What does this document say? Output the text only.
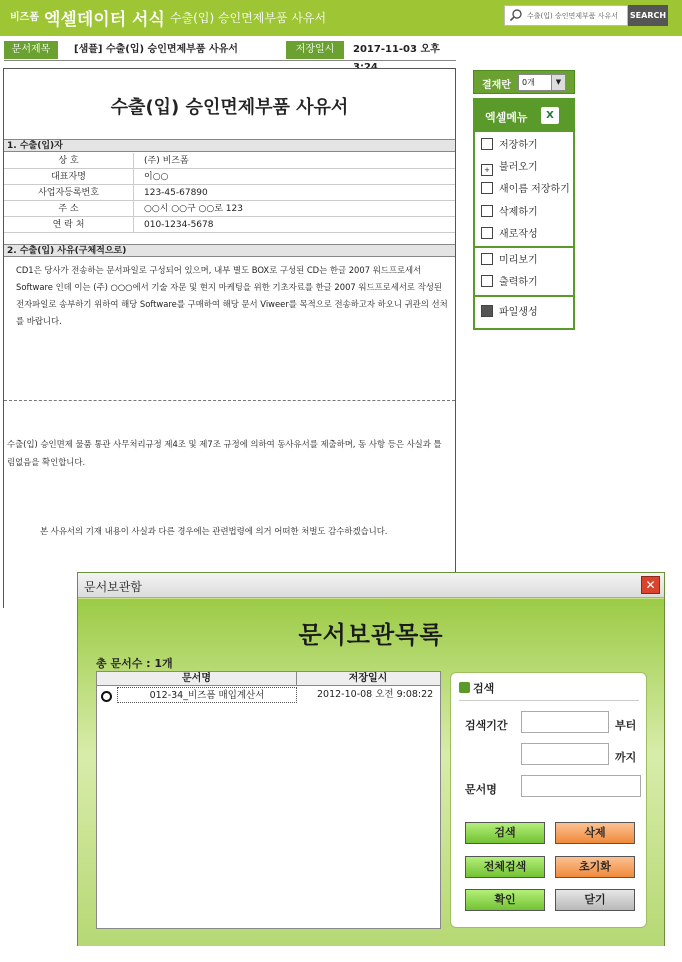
비즈폼 엑셀데이터 서식 수출(입) 승인면제부품 사유서
수출(입) 승인면제부품 사유서	SEARCH
문서제목	[샘플] 수출(입) 승인면제부품 사유서	저장일시	2017-11-03 오후
수출(입) 승인면제부품 사유서
1. 수출(입)자
상 호	(주) 비즈폼
대표자명	이○○
사업자등록번호	123-45-67890
주 소	○○시 ○○구 ○○로 123
연 락 처	010-1234-5678
2. 수출(입) 사유(구체적으로)
CD1은 당사가 전송하는 문서파일로 구성되어 있으며, 내부 별도 BOX로 구성된 CD는 한글 2007 워드프로세서 Software 인데 이는 (주) ○○○에서 기술 자문 및 현지 마케팅을 위한 기초자료를 한글 2007 워드프로세서로 작성된 전자파일로 송부하기 위하여 해당 Software를 구매하여 해당 문서 Viweer를 목적으로 전송하고자 하오니 귀관의 선처를 바랍니다.
수출(입) 승인면제 물품 통관 사무처리규정 제4조 및 제7조 규정에 의하여 동사유서를 제출하며, 동 사항 등은 사실과 틀림없음을 확인합니다.
본 사유서의 기재 내용이 사실과 다른 경우에는 관련법령에 의거 어떠한 처벌도 감수하겠습니다.
결재란	0개	▼
엑셀메뉴	X
저장하기
+ 불러오기
새이름 저장하기
삭제하기
새로작성
미리보기
출력하기
파일생성
문서보관함	✕
문서보관목록
총 문서수 : 1개
문서명	저장일시
012-34_비즈폼 매입계산서	2012-10-08 오전 9:08:22	검색
검색기간	부터
까지
문서명
검색	삭제
전체검색	초기화
확인	닫기
